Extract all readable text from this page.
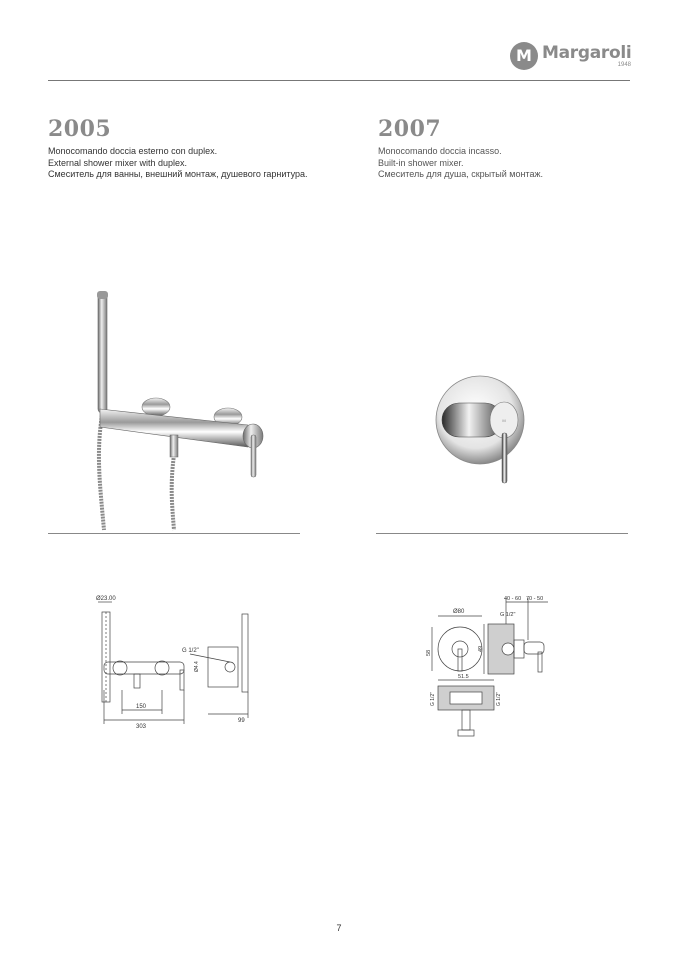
M Margaroli
1948
2005
Monocomando doccia esterno con duplex.
External shower mixer with duplex.
Смеситель для ванны, внешний монтаж, душевого гарнитура.
2007
Monocomando doccia incasso.
Built-in shower mixer.
Смеситель для душа, скрытый монтаж.
M
Ø23.00
G 1/2"
Ø4.4
150
303
99
Ø80
40 - 60 70 - 50
G 1/2"
58
49
51.5
G 1/2"	G 1/2"
7
